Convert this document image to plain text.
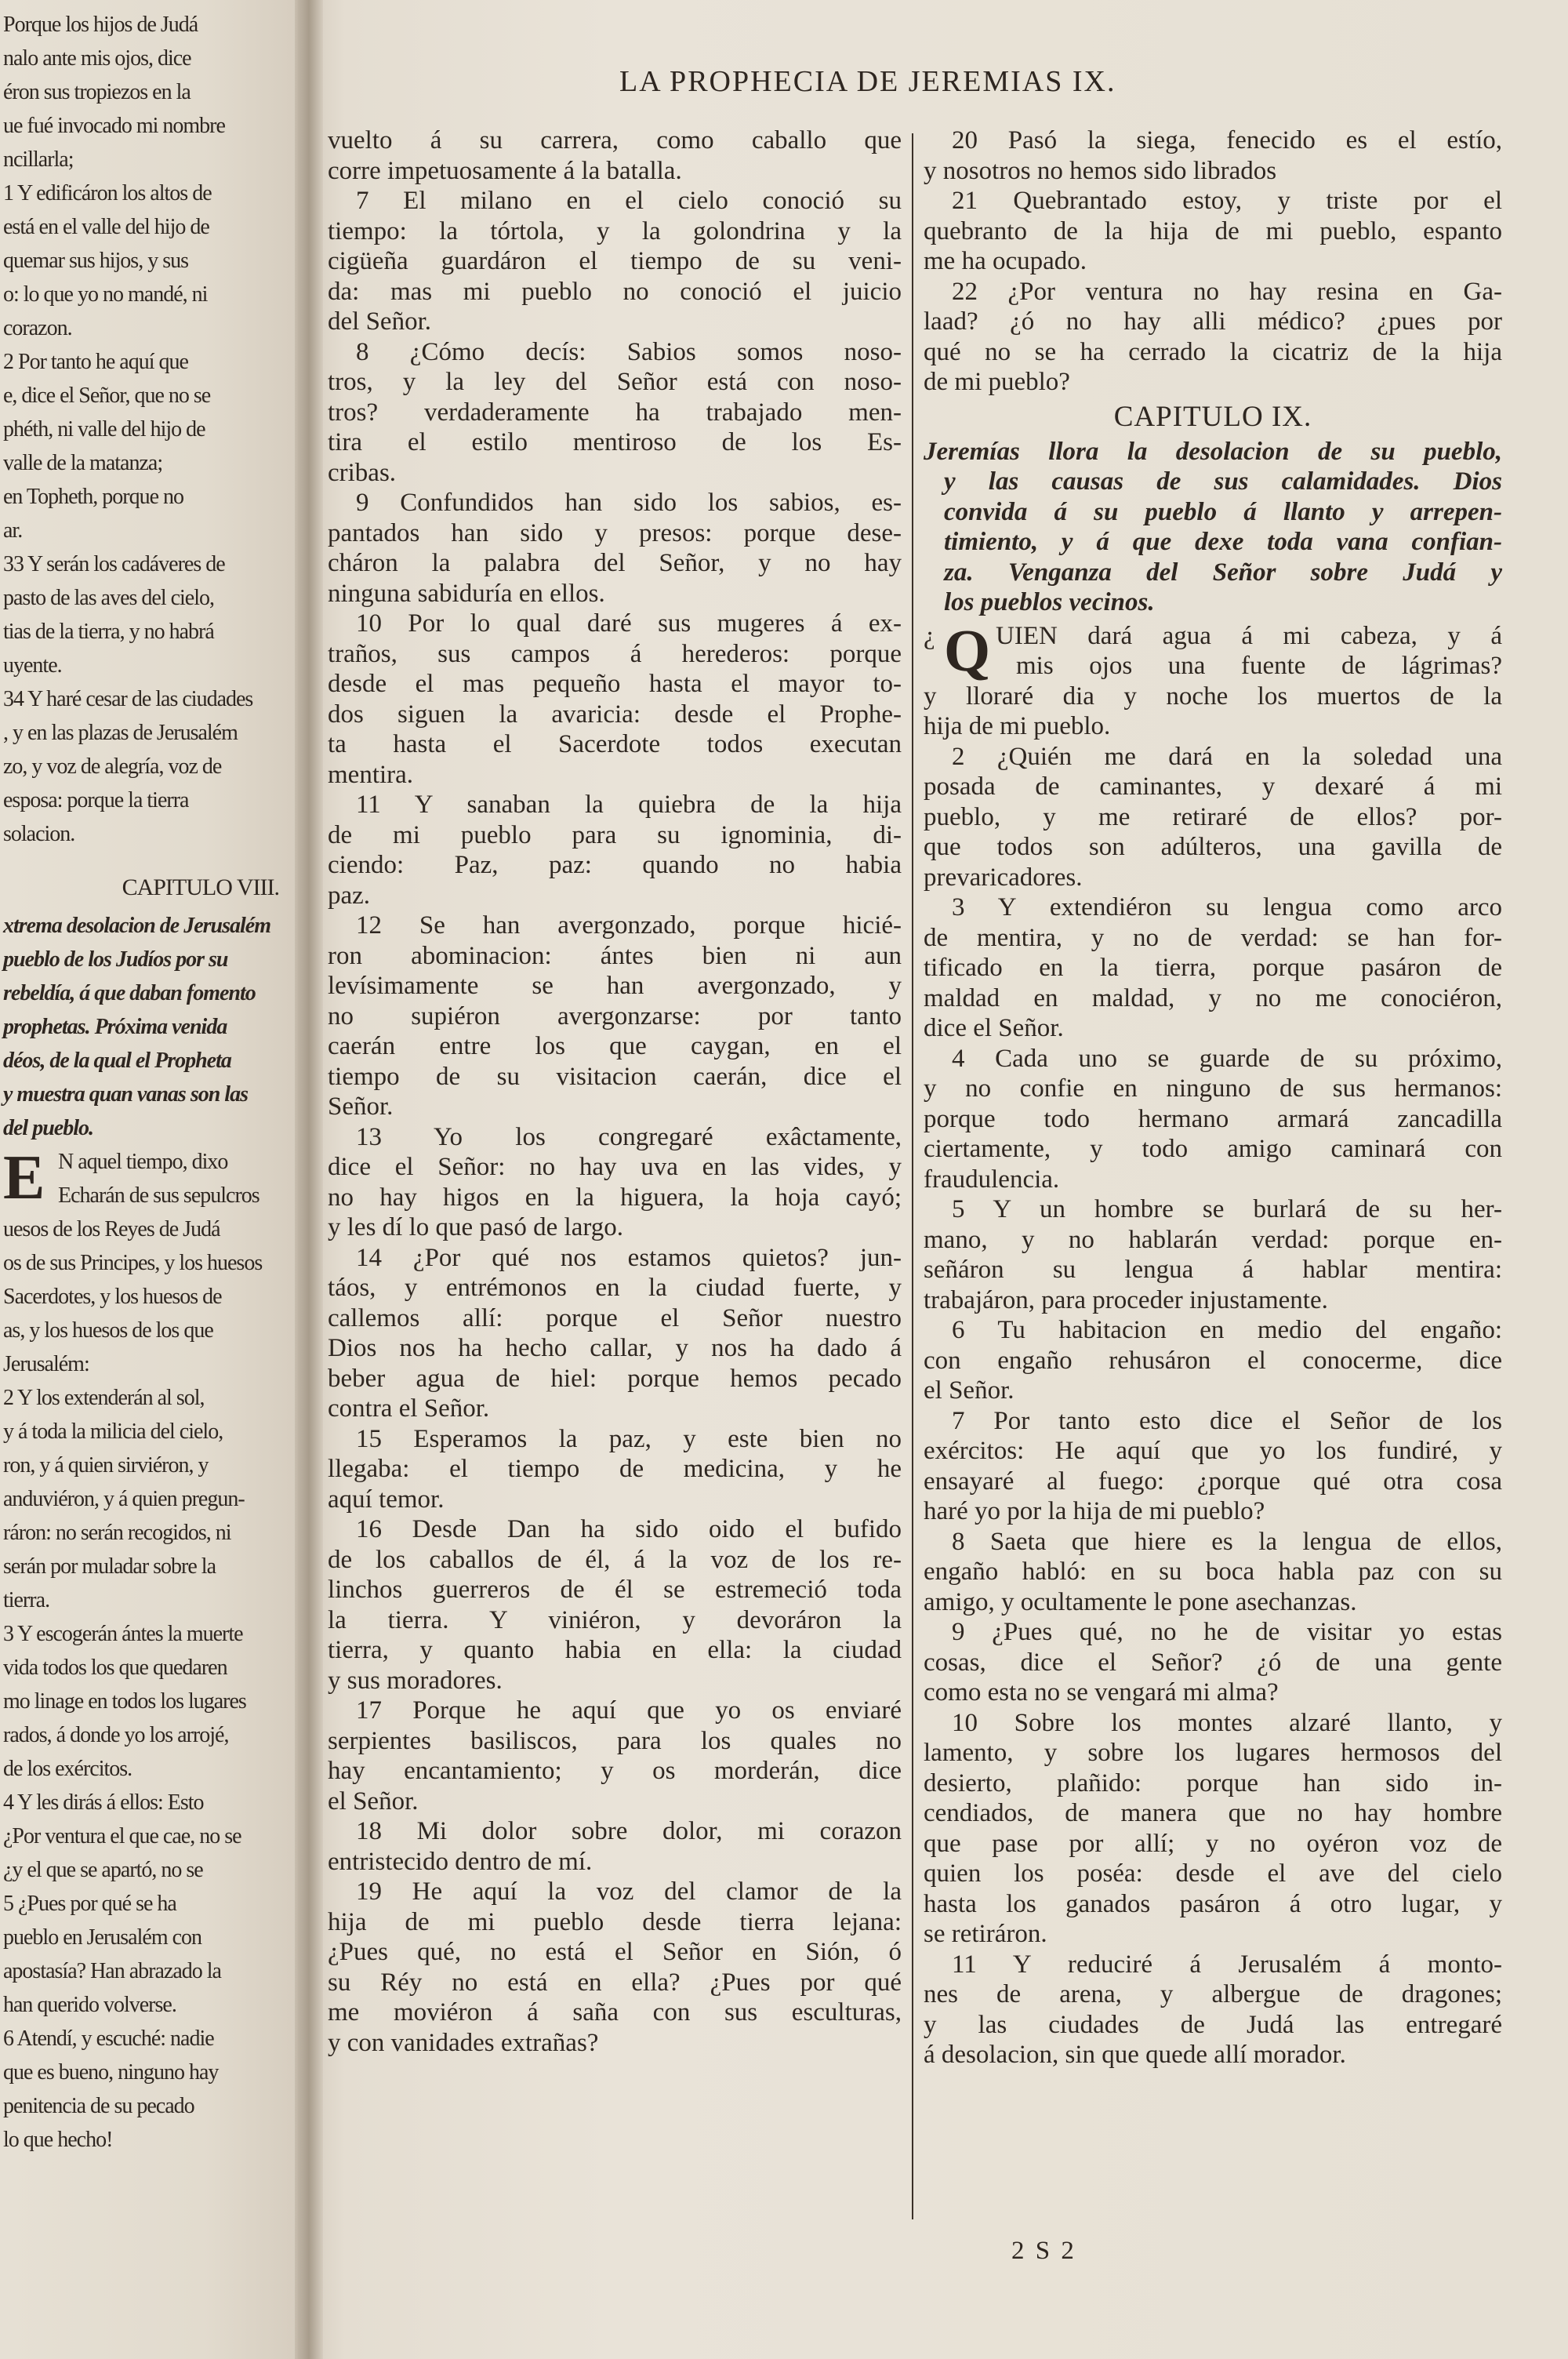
Porque los hijos de Judá
nalo ante mis ojos, dice
éron sus tropiezos en la
ue fué invocado mi nombre
ncillarla;
1 Y edificáron los altos de
está en el valle del hijo de
quemar sus hijos, y sus
o: lo que yo no mandé, ni
corazon.
2 Por tanto he aquí que
e, dice el Señor, que no se
phéth, ni valle del hijo de
valle de la matanza;
en Topheth, porque no
ar.
33 Y serán los cadáveres de
pasto de las aves del cielo,
tias de la tierra, y no habrá
uyente.
34 Y haré cesar de las ciudades
, y en las plazas de Jerusalém
zo, y voz de alegría, voz de
esposa: porque la tierra
solacion.
CAPITULO VIII.
xtrema desolacion de Jerusalém
pueblo de los Judíos por su
rebeldía, á que daban fomento
prophetas. Próxima venida
déos, de la qual el Propheta
y muestra quan vanas son las
del pueblo.
E N aquel tiempo, dixo
Echarán de sus sepulcros
uesos de los Reyes de Judá
os de sus Principes, y los huesos
Sacerdotes, y los huesos de
as, y los huesos de los que
Jerusalém:
2 Y los extenderán al sol,
y á toda la milicia del cielo,
ron, y á quien sirviéron, y
anduviéron, y á quien pregun-
ráron: no serán recogidos, ni
serán por muladar sobre la
tierra.
3 Y escogerán ántes la muerte
vida todos los que quedaren
mo linage en todos los lugares
rados, á donde yo los arrojé,
de los exércitos.
4 Y les dirás á ellos: Esto
¿Por ventura el que cae, no se
¿y el que se apartó, no se
5 ¿Pues por qué se ha
pueblo en Jerusalém con
apostasía? Han abrazado la
han querido volverse.
6 Atendí, y escuché: nadie
que es bueno, ninguno hay
penitencia de su pecado
lo que hecho!
LA PROPHECIA DE JEREMIAS IX.
vuelto á su carrera, como caballo que
corre impetuosamente á la batalla.
7 El milano en el cielo conoció su
tiempo: la tórtola, y la golondrina y la
cigüeña guardáron el tiempo de su veni-
da: mas mi pueblo no conoció el juicio
del Señor.
8 ¿Cómo decís: Sabios somos noso-
tros, y la ley del Señor está con noso-
tros? verdaderamente ha trabajado men-
tira el estilo mentiroso de los Es-
cribas.
9 Confundidos han sido los sabios, es-
pantados han sido y presos: porque dese-
cháron la palabra del Señor, y no hay
ninguna sabiduría en ellos.
10 Por lo qual daré sus mugeres á ex-
traños, sus campos á herederos: porque
desde el mas pequeño hasta el mayor to-
dos siguen la avaricia: desde el Prophe-
ta hasta el Sacerdote todos executan
mentira.
11 Y sanaban la quiebra de la hija
de mi pueblo para su ignominia, di-
ciendo: Paz, paz: quando no habia
paz.
12 Se han avergonzado, porque hicié-
ron abominacion: ántes bien ni aun
levísimamente se han avergonzado, y
no supiéron avergonzarse: por tanto
caerán entre los que caygan, en el
tiempo de su visitacion caerán, dice el
Señor.
13 Yo los congregaré exâctamente,
dice el Señor: no hay uva en las vides, y
no hay higos en la higuera, la hoja cayó;
y les dí lo que pasó de largo.
14 ¿Por qué nos estamos quietos? jun-
táos, y entrémonos en la ciudad fuerte, y
callemos allí: porque el Señor nuestro
Dios nos ha hecho callar, y nos ha dado á
beber agua de hiel: porque hemos pecado
contra el Señor.
15 Esperamos la paz, y este bien no
llegaba: el tiempo de medicina, y he
aquí temor.
16 Desde Dan ha sido oido el bufido
de los caballos de él, á la voz de los re-
linchos guerreros de él se estremeció toda
la tierra. Y viniéron, y devoráron la
tierra, y quanto habia en ella: la ciudad
y sus moradores.
17 Porque he aquí que yo os enviaré
serpientes basiliscos, para los quales no
hay encantamiento; y os morderán, dice
el Señor.
18 Mi dolor sobre dolor, mi corazon
entristecido dentro de mí.
19 He aquí la voz del clamor de la
hija de mi pueblo desde tierra lejana:
¿Pues qué, no está el Señor en Sión, ó
su Réy no está en ella? ¿Pues por qué
me moviéron á saña con sus esculturas,
y con vanidades extrañas?
20 Pasó la siega, fenecido es el estío,
y nosotros no hemos sido librados
21 Quebrantado estoy, y triste por el
quebranto de la hija de mi pueblo, espanto
me ha ocupado.
22 ¿Por ventura no hay resina en Ga-
laad? ¿ó no hay alli médico? ¿pues por
qué no se ha cerrado la cicatriz de la hija
de mi pueblo?
CAPITULO IX.
Jeremías llora la desolacion de su pueblo,
y las causas de sus calamidades. Dios
convida á su pueblo á llanto y arrepen-
timiento, y á que dexe toda vana confian-
za. Venganza del Señor sobre Judá y
los pueblos vecinos.
¿ Q UIEN dará agua á mi cabeza, y á
mis ojos una fuente de lágrimas?
y lloraré dia y noche los muertos de la
hija de mi pueblo.
2 ¿Quién me dará en la soledad una
posada de caminantes, y dexaré á mi
pueblo, y me retiraré de ellos? por-
que todos son adúlteros, una gavilla de
prevaricadores.
3 Y extendiéron su lengua como arco
de mentira, y no de verdad: se han for-
tificado en la tierra, porque pasáron de
maldad en maldad, y no me conociéron,
dice el Señor.
4 Cada uno se guarde de su próximo,
y no confie en ninguno de sus hermanos:
porque todo hermano armará zancadilla
ciertamente, y todo amigo caminará con
fraudulencia.
5 Y un hombre se burlará de su her-
mano, y no hablarán verdad: porque en-
señáron su lengua á hablar mentira:
trabajáron, para proceder injustamente.
6 Tu habitacion en medio del engaño:
con engaño rehusáron el conocerme, dice
el Señor.
7 Por tanto esto dice el Señor de los
exércitos: He aquí que yo los fundiré, y
ensayaré al fuego: ¿porque qué otra cosa
haré yo por la hija de mi pueblo?
8 Saeta que hiere es la lengua de ellos,
engaño habló: en su boca habla paz con su
amigo, y ocultamente le pone asechanzas.
9 ¿Pues qué, no he de visitar yo estas
cosas, dice el Señor? ¿ó de una gente
como esta no se vengará mi alma?
10 Sobre los montes alzaré llanto, y
lamento, y sobre los lugares hermosos del
desierto, plañido: porque han sido in-
cendiados, de manera que no hay hombre
que pase por allí; y no oyéron voz de
quien los poséa: desde el ave del cielo
hasta los ganados pasáron á otro lugar, y
se retiráron.
11 Y reduciré á Jerusalém á monto-
nes de arena, y albergue de dragones;
y las ciudades de Judá las entregaré
á desolacion, sin que quede allí morador.
2 S 2
